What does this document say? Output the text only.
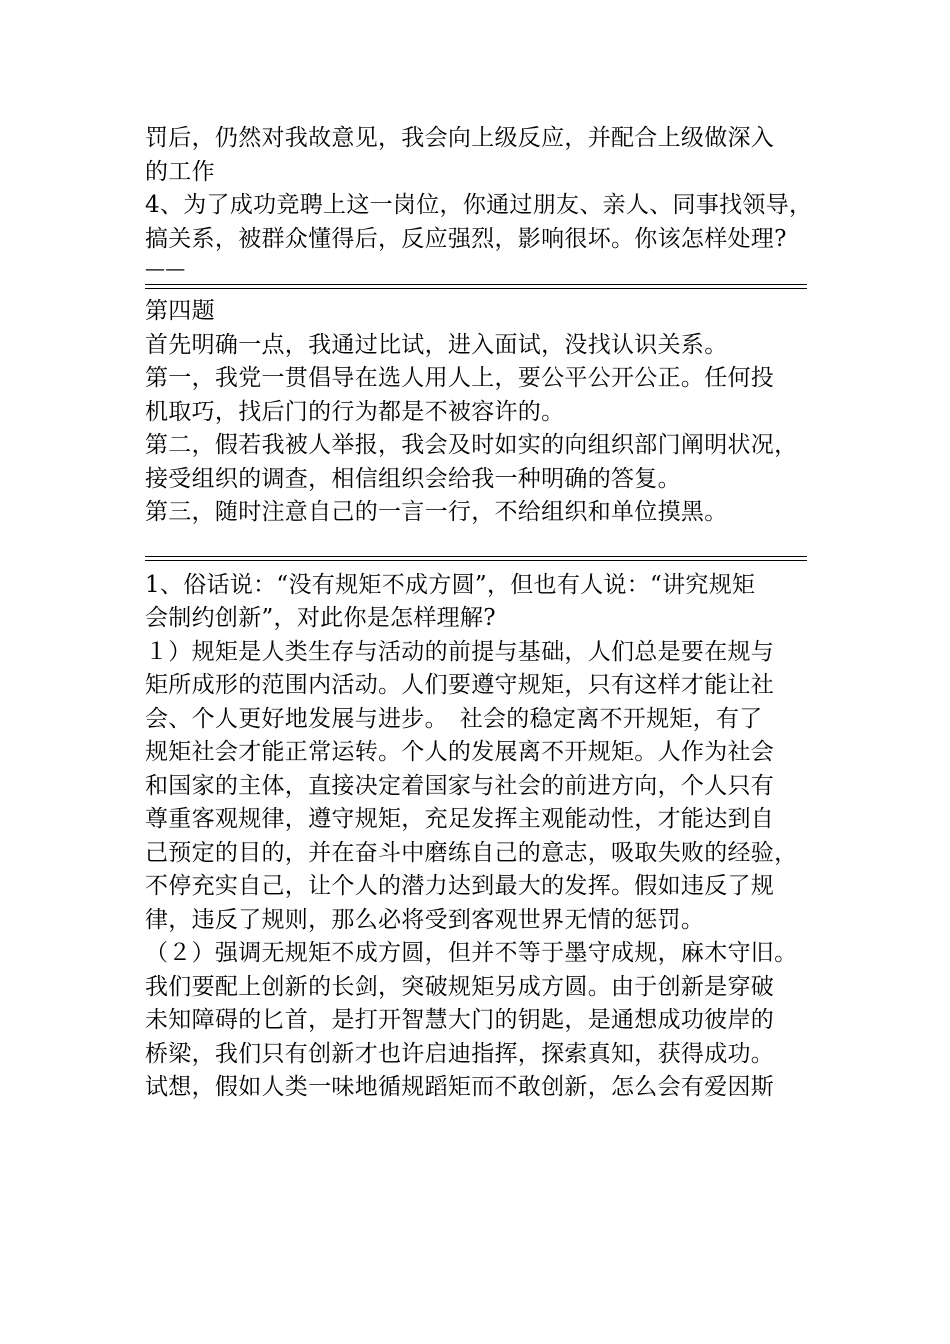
罚后，仍然对我故意见，我会向上级反应，并配合上级做深入
的工作
4、为了成功竞聘上这一岗位，你通过朋友、亲人、同事找领导，
搞关系，被群众懂得后，反应强烈，影响很坏。你该怎样处理?
——
第四题
首先明确一点，我通过比试，进入面试，没找认识关系。
第一，我党一贯倡导在选人用人上，要公平公开公正。任何投
机取巧，找后门的行为都是不被容许的。
第二，假若我被人举报，我会及时如实的向组织部门阐明状况，
接受组织的调查，相信组织会给我一种明确的答复。
第三，随时注意自己的一言一行，不给组织和单位摸黑。
1、俗话说：“没有规矩不成方圆”，但也有人说：“讲究规矩
会制约创新”，对此你是怎样理解?
１）规矩是人类生存与活动的前提与基础，人们总是要在规与
矩所成形的范围内活动。人们要遵守规矩，只有这样才能让社
会、个人更好地发展与进步。　社会的稳定离不开规矩，有了
规矩社会才能正常运转。个人的发展离不开规矩。人作为社会
和国家的主体，直接决定着国家与社会的前进方向，个人只有
尊重客观规律，遵守规矩，充足发挥主观能动性，才能达到自
己预定的目的，并在奋斗中磨练自己的意志，吸取失败的经验，
不停充实自己，让个人的潜力达到最大的发挥。假如违反了规
律，违反了规则，那么必将受到客观世界无情的惩罚。
（２）强调无规矩不成方圆，但并不等于墨守成规，麻木守旧。
我们要配上创新的长剑，突破规矩另成方圆。由于创新是穿破
未知障碍的匕首，是打开智慧大门的钥匙，是通想成功彼岸的
桥梁，我们只有创新才也许启迪指挥，探索真知，获得成功。
试想，假如人类一味地循规蹈矩而不敢创新，怎么会有爱因斯
